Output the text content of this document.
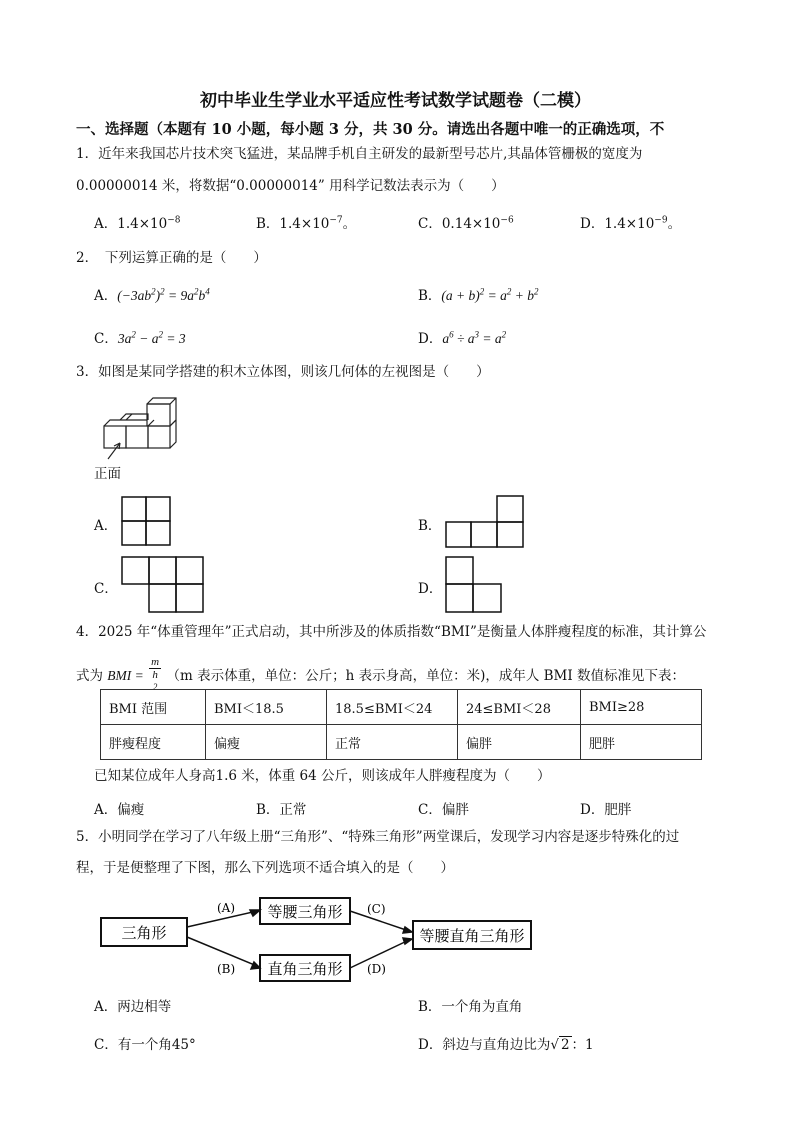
初中毕业生学业水平适应性考试数学试题卷（二模）
一、选择题（本题有 10 小题，每小题 3 分，共 30 分。请选出各题中唯一的正确选项，不
1．近年来我国芯片技术突飞猛进，某品牌手机自主研发的最新型号芯片,其晶体管栅极的宽度为
0.00000014 米，将数据“0.00000014” 用科学记数法表示为（　　）
A．$1.4\times 10^{-8}$	B．$1.4\times 10^{-7}$。	C．$0.14\times 10^{-6}$	D．$1.4\times 10^{-9}$。
2．　下列运算正确的是（　　）
A．$(-3ab^2)^2 = 9a^2b^4$	B．$(a + b)^2 = a^2 + b^2$
C．$3a^2 - a^2 = 3$	D．$a^6 \div a^3 = a^2$
3．如图是某同学搭建的积木立体图，则该几何体的左视图是（　　）
正面
A．	B．
C．	D．
4．2025 年“体重管理年”正式启动，其中所涉及的体质指数“BMI”是衡量人体胖瘦程度的标准，其计算公
式为 BMI = m
h
$^2$ （m 表示体重，单位：公斤；h 表示身高，单位：米)，成年人 BMI 数值标准见下表：
BMI 范围	BMI＜18.5	18.5≤BMI＜24	24≤BMI＜28	BMI≥28
胖瘦程度	偏瘦	正常	偏胖	肥胖
已知某位成年人身高1.6 米，体重 64 公斤，则该成年人胖瘦程度为（　　）
A．偏瘦	B．正常	C．偏胖	D．肥胖
5．小明同学在学习了八年级上册“三角形”、“特殊三角形”两堂课后，发现学习内容是逐步特殊化的过
程，于是便整理了下图，那么下列选项不适合填入的是（　　）
三角形
等腰三角形
直角三角形
等腰直角三角形
(A)
(B)
(C)
(D)
A．两边相等	B．一个角为直角
C．有一个角45°	D．斜边与直角边比为√ 2 ：1
